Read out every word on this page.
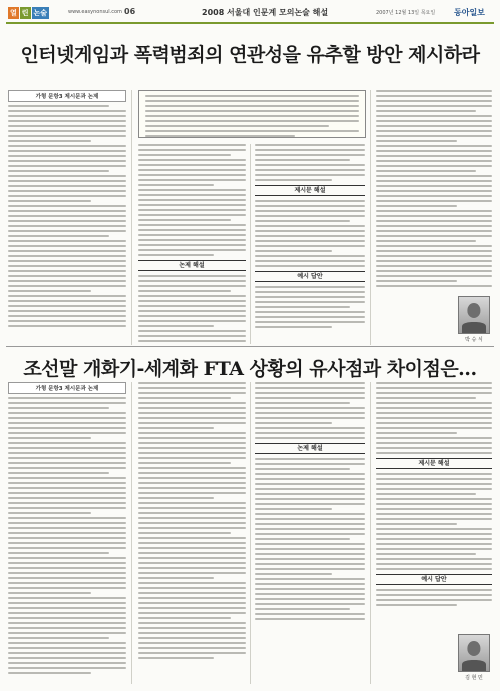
열 린 논술	www.easynonsul.com 06	2008 서울대 인문계 모의논술 해설	2007년 12월 13일 목요일 동아일보
인터넷게임과 폭력범죄의 연관성을 유추할 방안 제시하라
가형 문항3 제시문과 논제
논제 해설
제시문 해설
예시 답안
박 승 식
조선말 개화기-세계화 FTA 상황의 유사점과 차이점은…
가형 문항3 제시문과 논제
논제 해설
제시문 해설
예시 답안
김 현 민
